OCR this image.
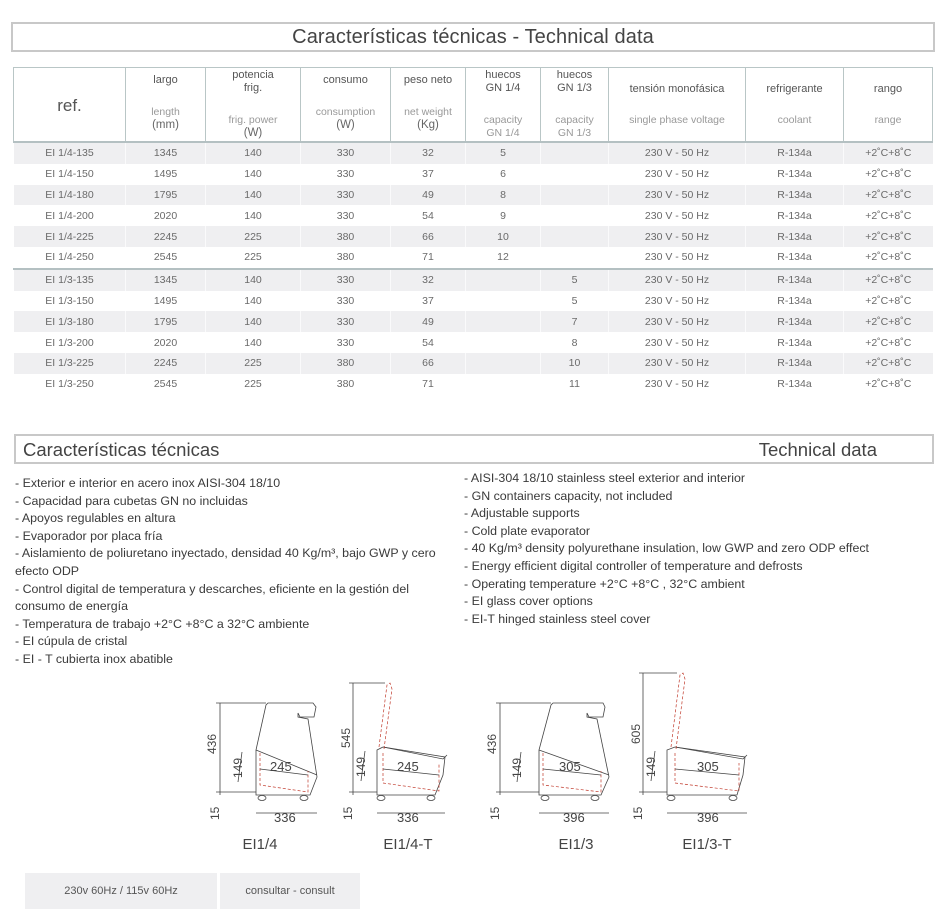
Características técnicas - Technical data
ref.

largo
length
(mm)

potencia frig.
frig. power
(W)

consumo
consumption
(W)

peso neto
net weight
(Kg)

huecos GN 1/4
capacity GN 1/4

huecos GN 1/3
capacity GN 1/3

tensión monofásica
single phase voltage

refrigerante
coolant

rango
range

EI 1/4-135	1345	140	330	32	5		230 V - 50 Hz	R-134a	+2˚C+8˚C
EI 1/4-150	1495	140	330	37	6		230 V - 50 Hz	R-134a	+2˚C+8˚C
EI 1/4-180	1795	140	330	49	8		230 V - 50 Hz	R-134a	+2˚C+8˚C
EI 1/4-200	2020	140	330	54	9		230 V - 50 Hz	R-134a	+2˚C+8˚C
EI 1/4-225	2245	225	380	66	10		230 V - 50 Hz	R-134a	+2˚C+8˚C
EI 1/4-250	2545	225	380	71	12		230 V - 50 Hz	R-134a	+2˚C+8˚C
EI 1/3-135	1345	140	330	32		5	230 V - 50 Hz	R-134a	+2˚C+8˚C
EI 1/3-150	1495	140	330	37		5	230 V - 50 Hz	R-134a	+2˚C+8˚C
EI 1/3-180	1795	140	330	49		7	230 V - 50 Hz	R-134a	+2˚C+8˚C
EI 1/3-200	2020	140	330	54		8	230 V - 50 Hz	R-134a	+2˚C+8˚C
EI 1/3-225	2245	225	380	66		10	230 V - 50 Hz	R-134a	+2˚C+8˚C
EI 1/3-250	2545	225	380	71		11	230 V - 50 Hz	R-134a	+2˚C+8˚C
Características técnicas	Technical data
- Exterior e interior en acero inox AISI-304 18/10
- Capacidad para cubetas GN no incluidas
- Apoyos regulables en altura
- Evaporador por placa fría
- Aislamiento de poliuretano inyectado, densidad 40 Kg/m³, bajo GWP y cero efecto ODP
- Control digital de temperatura y descarches, eficiente en la gestión del consumo de energía
- Temperatura de trabajo +2°C +8°C a 32°C ambiente
- EI cúpula de cristal
- EI - T cubierta inox abatible
- AISI-304 18/10 stainless steel exterior and interior
- GN containers capacity, not included
- Adjustable supports
- Cold plate evaporator
- 40 Kg/m³ density polyurethane insulation, low GWP and zero ODP effect
- Energy efficient digital controller of temperature and defrosts
- Operating temperature +2°C +8°C , 32°C ambient
- EI glass cover options
- EI-T hinged stainless steel cover
436
149 245
336
15
EI1/4
545
149 245
336
15
EI1/4-T
436
149	305
396
15
EI1/3
605
149	305
396
15
EI1/3-T
230v 60Hz / 115v 60Hz	consultar - consult
